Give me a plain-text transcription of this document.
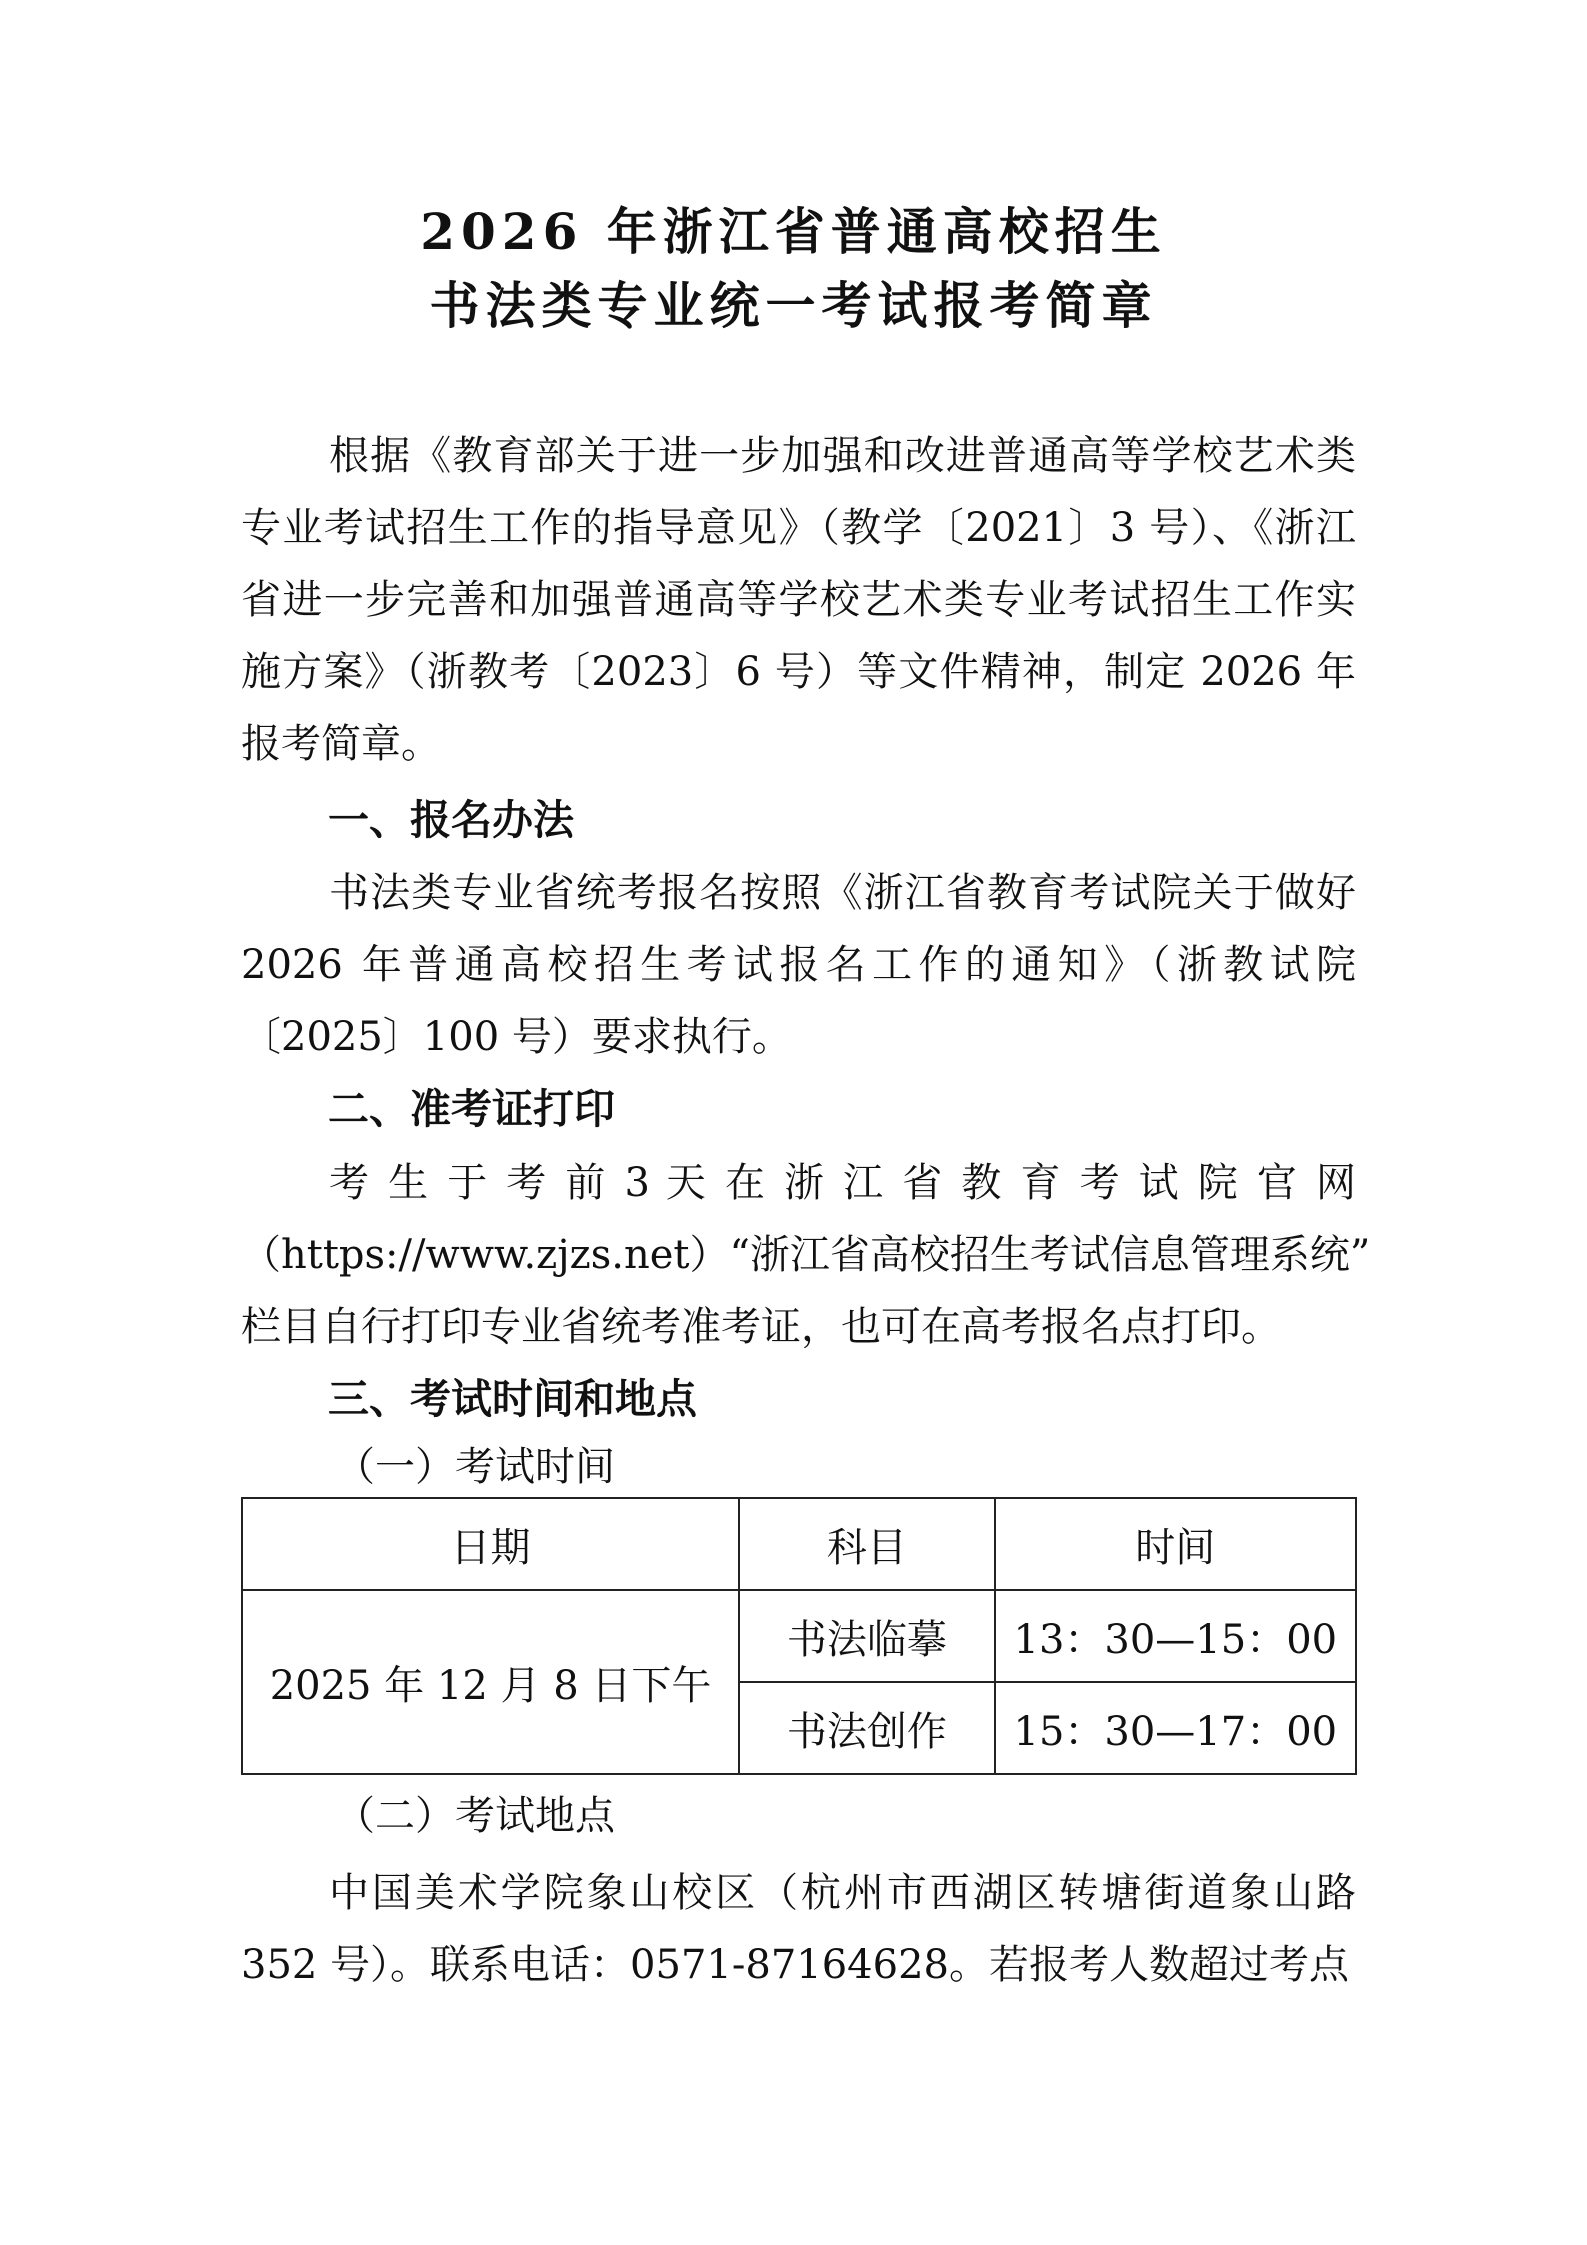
2026 年浙江省普通高校招生
书法类专业统一考试报考简章
根据《教育部关于进一步加强和改进普通高等学校艺术类专业考试招生工作的指导意见》（教学〔2021〕3 号）、《浙江省进一步完善和加强普通高等学校艺术类专业考试招生工作实施方案》（浙教考〔2023〕6 号）等文件精神，制定 2026 年报考简章。
一、报名办法
书法类专业省统考报名按照《浙江省教育考试院关于做好 2026 年普通高校招生考试报名工作的通知》（浙教试院〔2025〕100 号）要求执行。
二、准考证打印
考 生 于 考 前 3 天 在 浙 江 省 教 育 考 试 院 官 网
（https://www.zjzs.net）“浙江省高校招生考试信息管理系统”
栏目自行打印专业省统考准考证，也可在高考报名点打印。
三、考试时间和地点
（一）考试时间
日期	科目	时间
2025 年 12 月 8 日下午	书法临摹	13：30—15：00
	书法创作	15：30—17：00
（二）考试地点
中国美术学院象山校区（杭州市西湖区转塘街道象山路 352 号）。联系电话：0571-87164628。若报考人数超过考点
